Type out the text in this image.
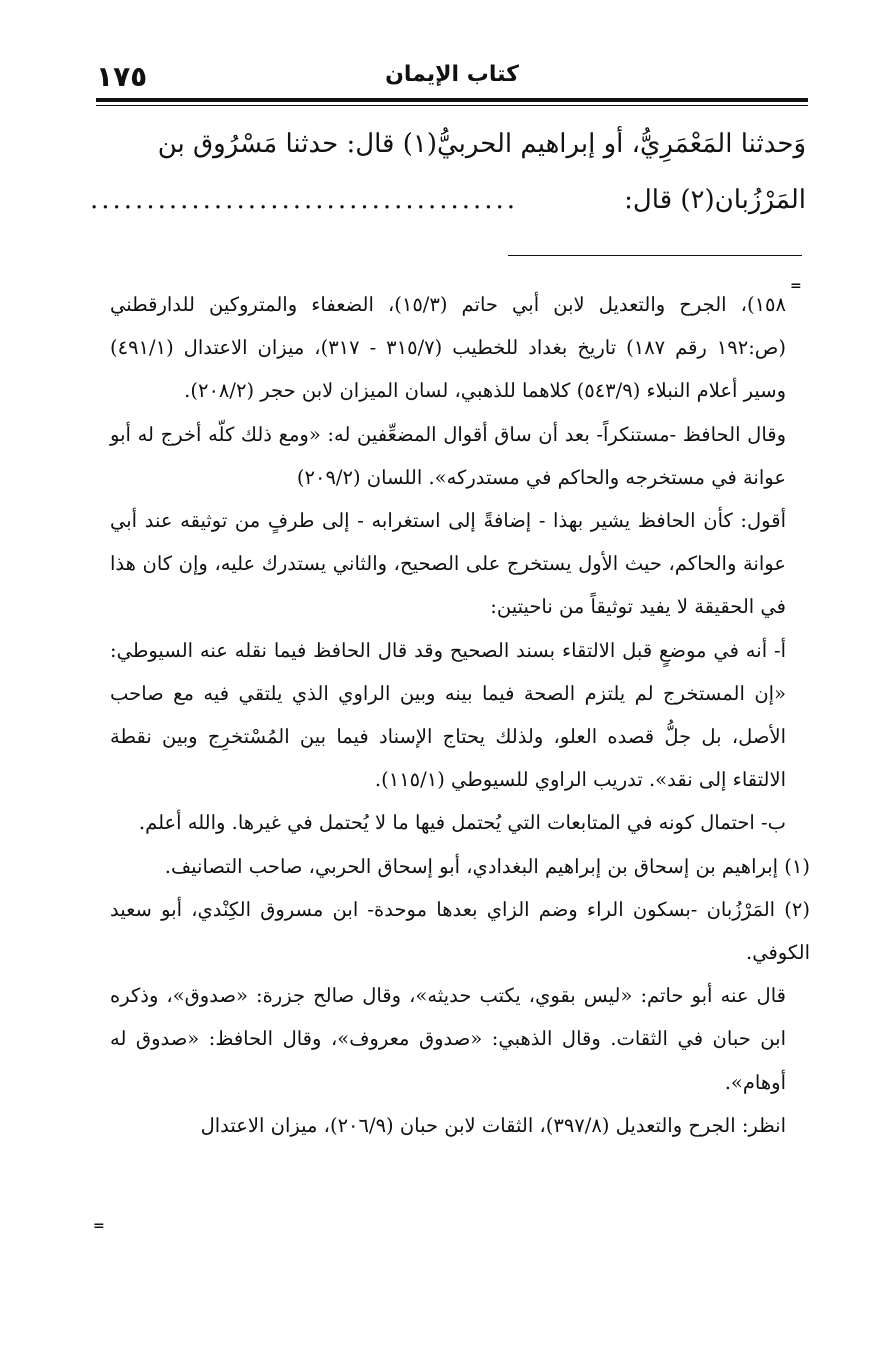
١٧٥	كتاب الإيمان

وَحدثنا المَعْمَرِيُّ، أو إبراهيم الحربيُّ(١) قال: حدثنا مَسْرُوق بن

المَرْزُبان(٢) قال:
......................................

=

١٥٨)، الجرح والتعديل لابن أبي حاتم (١٥/٣)، الضعفاء والمتروكين للدارقطني (ص:١٩٢ رقم ١٨٧) تاريخ بغداد للخطيب (٣١٥/٧ - ٣١٧)، ميزان الاعتدال (٤٩١/١) وسير أعلام النبلاء (٥٤٣/٩) كلاهما للذهبي، لسان الميزان لابن حجر (٢٠٨/٢).

وقال الحافظ -مستنكراً- بعد أن ساق أقوال المضعِّفين له: «ومع ذلك كلّه أخرج له أبو عوانة في مستخرجه والحاكم في مستدركه». اللسان (٢٠٩/٢)

أقول: كأن الحافظ يشير بهذا - إضافةً إلى استغرابه - إلى طرفٍ من توثيقه عند أبي عوانة والحاكم، حيث الأول يستخرج على الصحيح، والثاني يستدرك عليه، وإن كان هذا في الحقيقة لا يفيد توثيقاً من ناحيتين:

أ- أنه في موضعٍ قبل الالتقاء بسند الصحيح وقد قال الحافظ فيما نقله عنه السيوطي: «إن المستخرج لم يلتزم الصحة فيما بينه وبين الراوي الذي يلتقي فيه مع صاحب الأصل، بل جلُّ قصده العلو، ولذلك يحتاج الإسناد فيما بين المُسْتخرِج وبين نقطة الالتقاء إلى نقد». تدريب الراوي للسيوطي (١١٥/١).

ب- احتمال كونه في المتابعات التي يُحتمل فيها ما لا يُحتمل في غيرها. والله أعلم.

(١) إبراهيم بن إسحاق بن إبراهيم البغدادي، أبو إسحاق الحربي، صاحب التصانيف.

(٢) المَرْزُبان -بسكون الراء وضم الزاي بعدها موحدة- ابن مسروق الكِنْدي، أبو سعيد الكوفي.

قال عنه أبو حاتم: «ليس بقوي، يكتب حديثه»، وقال صالح جزرة: «صدوق»، وذكره ابن حبان في الثقات. وقال الذهبي: «صدوق معروف»، وقال الحافظ: «صدوق له أوهام».

انظر: الجرح والتعديل (٣٩٧/٨)، الثقات لابن حبان (٢٠٦/٩)، ميزان الاعتدال

=
